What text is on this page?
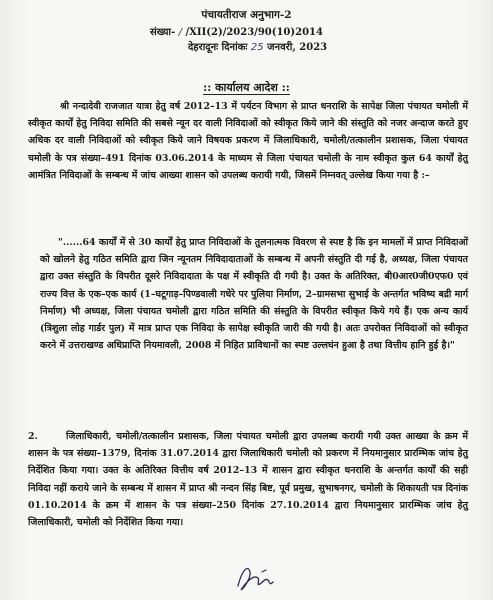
पंचायतीराज अनुभाग-2
संख्या- / /XII(2)/2023/90(10)2014
देहरादूनः दिनांकः 25 जनवरी, 2023
:: कार्यालय आदेश ::
श्री नन्दादेवी राजजात यात्रा हेतु वर्ष 2012–13 में पर्यटन विभाग से प्राप्त धनराशि के सापेक्ष जिला पंचायत चमोली में स्वीकृत कार्यों हेतु निविदा समिति की सबसे न्यून दर वाली निविदाओं को स्वीकृत किये जाने की संस्तुति को नजर अन्दाज करते हुए अधिक दर वाली निविदाओं को स्वीकृत किये जाने विषयक प्रकरण में जिलाधिकारी, चमोली/तत्कालीन प्रशासक, जिला पंचायत चमोली के पत्र संख्या–491 दिनांक 03.06.2014 के माध्यम से जिला पंचायत चमोली के नाम स्वीकृत कुल 64 कार्यों हेतु आमंत्रित निविदाओं के सम्बन्ध में जांच आख्या शासन को उपलब्ध करायी गयी, जिसमें निम्नवत् उल्लेख किया गया है :–
"......64 कार्यों में से 30 कार्यों हेतु प्राप्त निविदाओं के तुलनात्मक विवरण से स्पष्ट है कि इन मामलों में प्राप्त निविदाओं को खोलने हेतु गठित समिति द्वारा जिन न्यूनतम निविदादाताओं के सम्बन्ध में अपनी संस्तुति दी गई है, अध्यक्ष, जिला पंचायत द्वारा उक्त संस्तुति के विपरीत दूसरे निविदादाता के पक्ष में स्वीकृति दी गयी है। उक्त के अतिरिक्त, बी0आर0जी0एफ0 एवं राज्य वित्त के एक–एक कार्य (1–घटूगाड़–पिण्डवाली गधेरे पर पुलिया निर्माण, 2–ग्रामसभा सुभाई के अन्तर्गत भविष्य बद्री मार्ग निर्माण) भी अध्यक्ष, जिला पंचायत चमोली द्वारा गठित समिति की संस्तुति के विपरीत स्वीकृत किये गये हैं। एक अन्य कार्य (त्रिशुला लोह गार्डर पुल) में मात्र प्राप्त एक निविदा के सापेक्ष स्वीकृति जारी की गयी है। अतः उपरोक्त निविदाओं को स्वीकृत करने में उत्तराखण्ड अधिप्राप्ति नियमावली, 2008 में निहित प्राविधानों का स्पष्ट उल्लघंन हुआ है तथा वित्तीय हानि हुई है।"
2.	जिलाधिकारी, चमोली/तत्कालीन प्रशासक, जिला पंचायत चमोली द्वारा उपलब्ध करायी गयी उक्त आख्या के क्रम में शासन के पत्र संख्या–1379, दिनांक 31.07.2014 द्वारा जिलाधिकारी चमोली को प्रकरण में नियमानुसार प्रारम्भिक जांच हेतु निर्देशित किया गया। उक्त के अतिरिक्त वित्तीय वर्ष 2012–13 में शासन द्वारा स्वीकृत धनराशि के अन्तर्गत कार्यों की सही निविदा नहीं कराये जाने के सम्बन्ध में शासन में प्राप्त श्री नन्दन सिंह बिष्ट, पूर्व प्रमुख, सुभाषनगर, चमोली के शिकायती पत्र दिनांक 01.10.2014 के क्रम में शासन के पत्र संख्या–250 दिनांक 27.10.2014 द्वारा नियमानुसार प्रारम्भिक जांच हेतु जिलाधिकारी, चमोली को निर्देशित किया गया।
